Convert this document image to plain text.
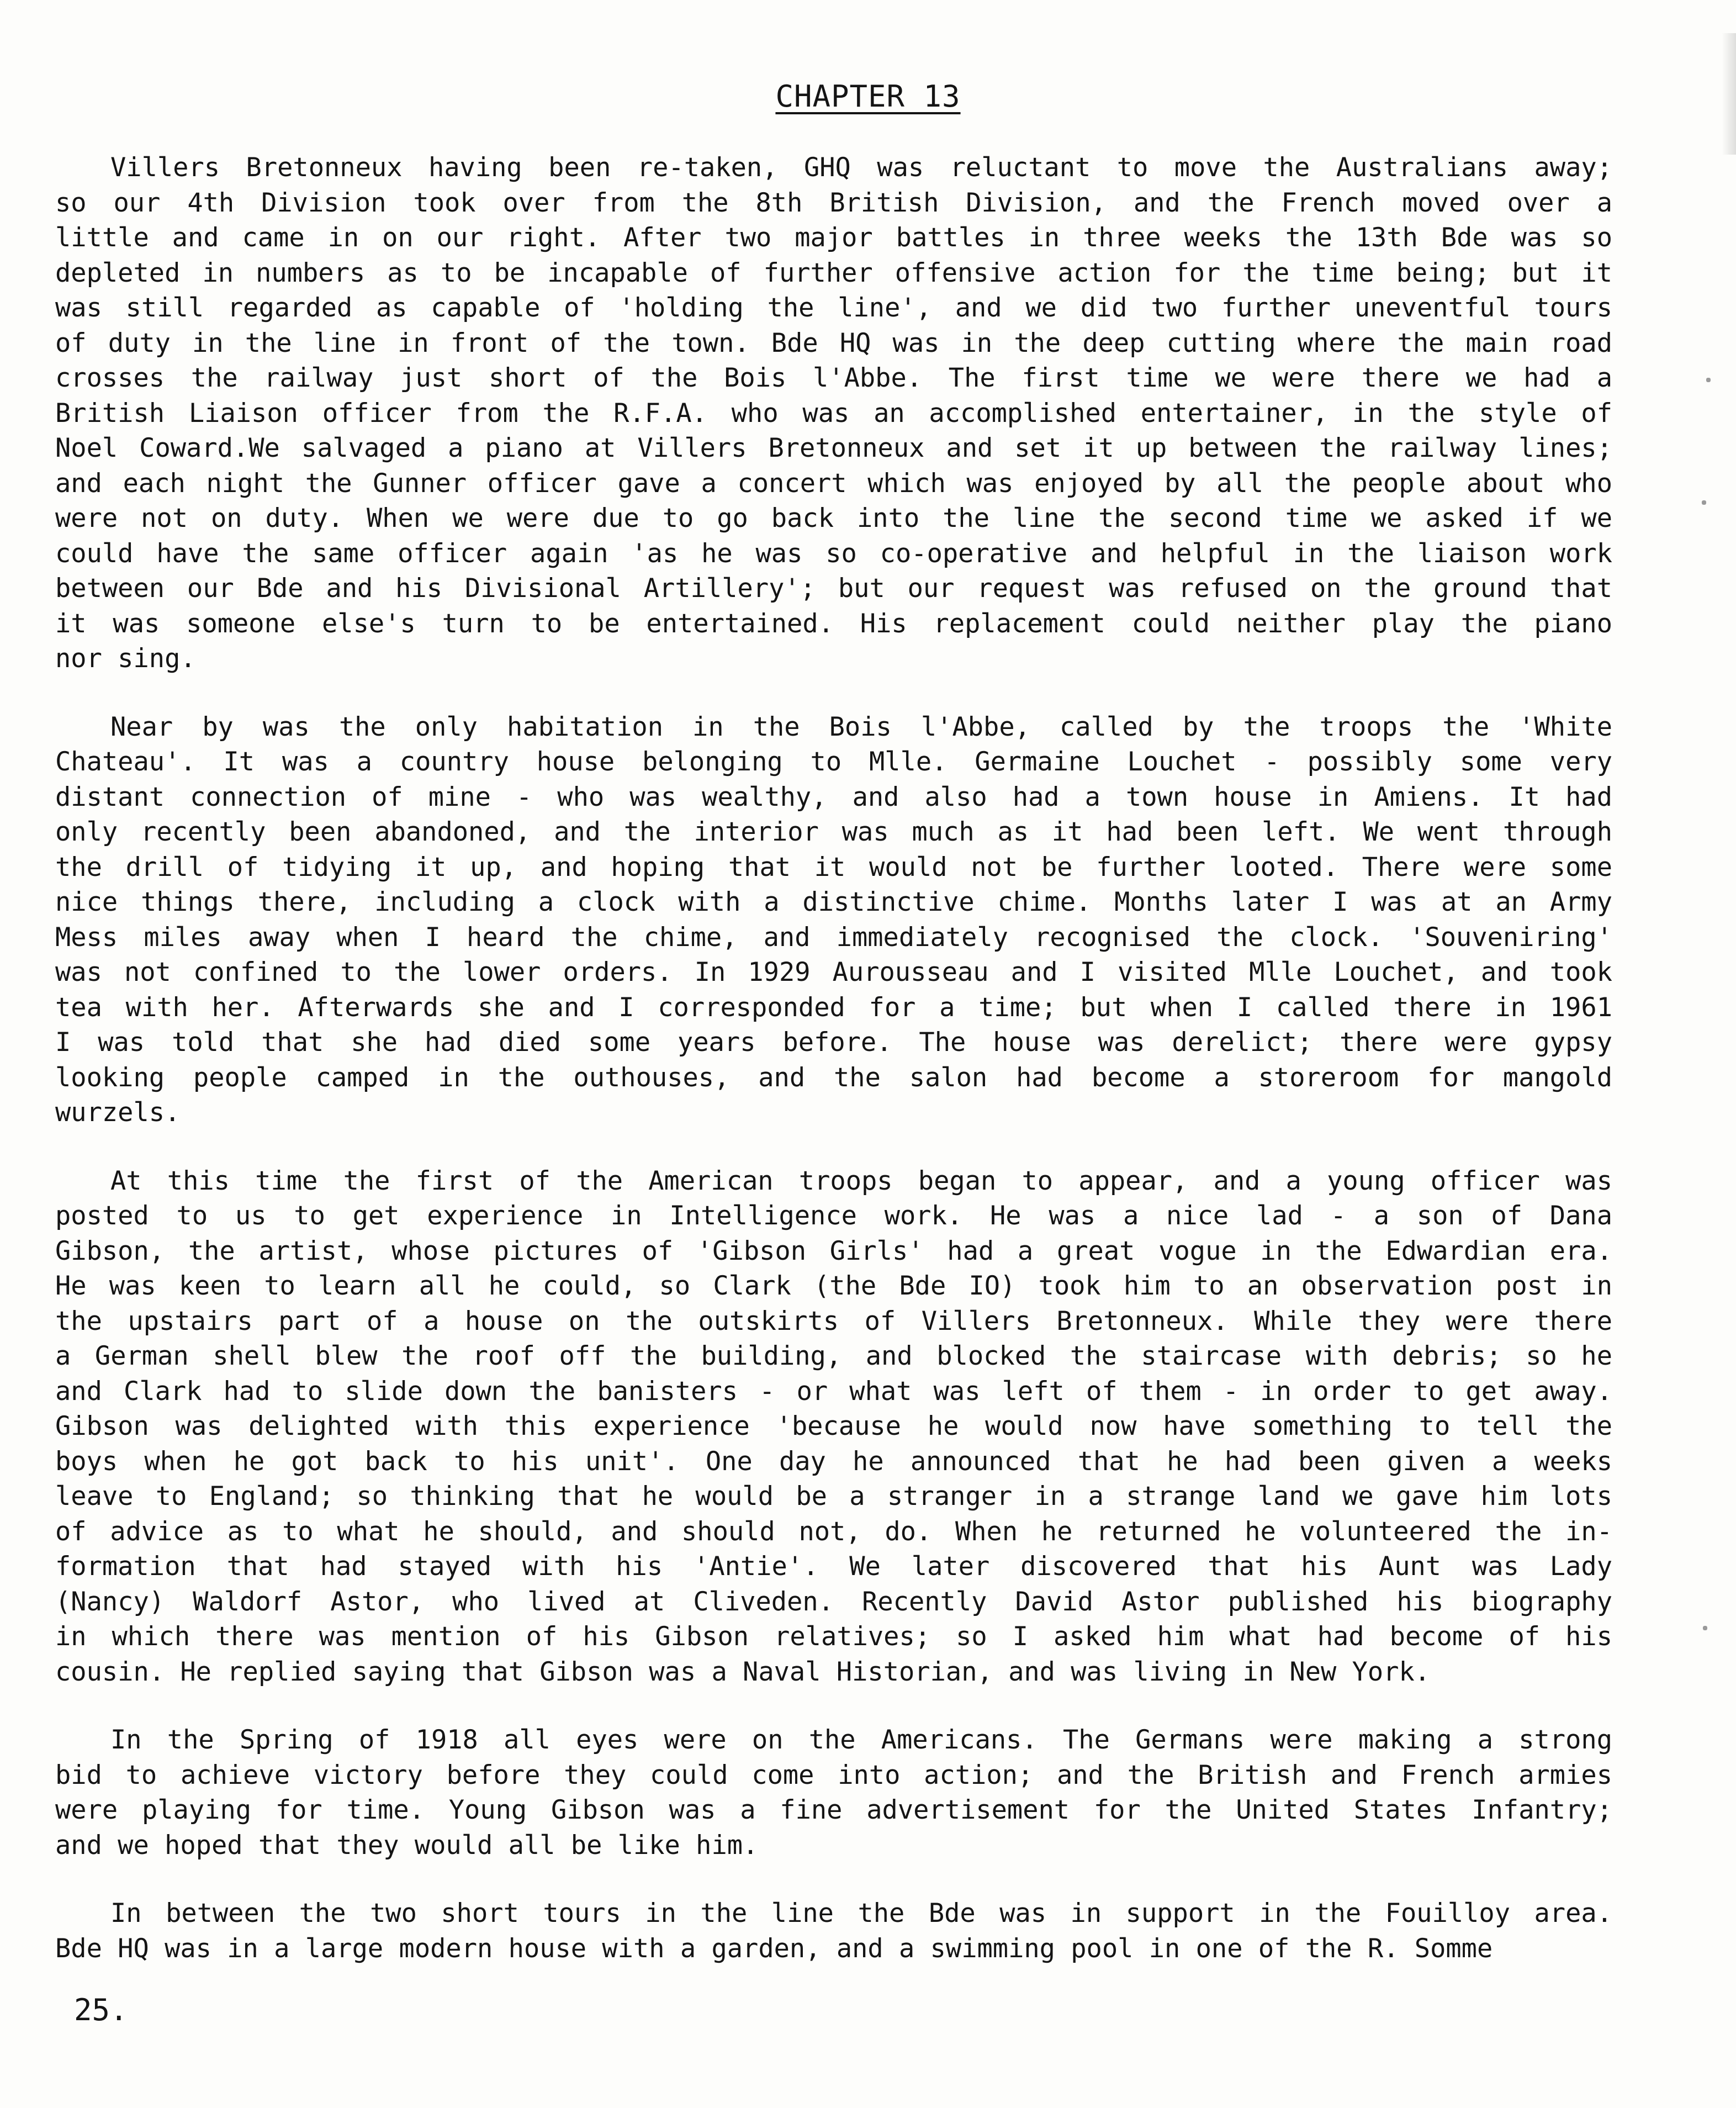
CHAPTER 13
Villers Bretonneux having been re-taken, GHQ was reluctant to move the Australians away;
so our 4th Division took over from the 8th British Division, and the French moved over a
little and came in on our right. After two major battles in three weeks the 13th Bde was so
depleted in numbers as to be incapable of further offensive action for the time being; but it
was still regarded as capable of 'holding the line', and we did two further uneventful tours
of duty in the line in front of the town. Bde HQ was in the deep cutting where the main road
crosses the railway just short of the Bois l'Abbe. The first time we were there we had a
British Liaison officer from the R.F.A. who was an accomplished entertainer, in the style of
Noel Coward.We salvaged a piano at Villers Bretonneux and set it up between the railway lines;
and each night the Gunner officer gave a concert which was enjoyed by all the people about who
were not on duty. When we were due to go back into the line the second time we asked if we
could have the same officer again 'as he was so co-operative and helpful in the liaison work
between our Bde and his Divisional Artillery'; but our request was refused on the ground that
it was someone else's turn to be entertained. His replacement could neither play the piano
nor sing.
Near by was the only habitation in the Bois l'Abbe, called by the troops the 'White
Chateau'. It was a country house belonging to Mlle. Germaine Louchet - possibly some very
distant connection of mine - who was wealthy, and also had a town house in Amiens. It had
only recently been abandoned, and the interior was much as it had been left. We went through
the drill of tidying it up, and hoping that it would not be further looted. There were some
nice things there, including a clock with a distinctive chime. Months later I was at an Army
Mess miles away when I heard the chime, and immediately recognised the clock. 'Souveniring'
was not confined to the lower orders. In 1929 Aurousseau and I visited Mlle Louchet, and took
tea with her. Afterwards she and I corresponded for a time; but when I called there in 1961
I was told that she had died some years before. The house was derelict; there were gypsy
looking people camped in the outhouses, and the salon had become a storeroom for mangold
wurzels.
At this time the first of the American troops began to appear, and a young officer was
posted to us to get experience in Intelligence work. He was a nice lad - a son of Dana
Gibson, the artist, whose pictures of 'Gibson Girls' had a great vogue in the Edwardian era.
He was keen to learn all he could, so Clark (the Bde IO) took him to an observation post in
the upstairs part of a house on the outskirts of Villers Bretonneux. While they were there
a German shell blew the roof off the building, and blocked the staircase with debris; so he
and Clark had to slide down the banisters - or what was left of them - in order to get away.
Gibson was delighted with this experience 'because he would now have something to tell the
boys when he got back to his unit'. One day he announced that he had been given a weeks
leave to England; so thinking that he would be a stranger in a strange land we gave him lots
of advice as to what he should, and should not, do. When he returned he volunteered the in-
formation that had stayed with his 'Antie'. We later discovered that his Aunt was Lady
(Nancy) Waldorf Astor, who lived at Cliveden. Recently David Astor published his biography
in which there was mention of his Gibson relatives; so I asked him what had become of his
cousin. He replied saying that Gibson was a Naval Historian, and was living in New York.
In the Spring of 1918 all eyes were on the Americans. The Germans were making a strong
bid to achieve victory before they could come into action; and the British and French armies
were playing for time. Young Gibson was a fine advertisement for the United States Infantry;
and we hoped that they would all be like him.
In between the two short tours in the line the Bde was in support in the Fouilloy area.
Bde HQ was in a large modern house with a garden, and a swimming pool in one of the R. Somme
25.
